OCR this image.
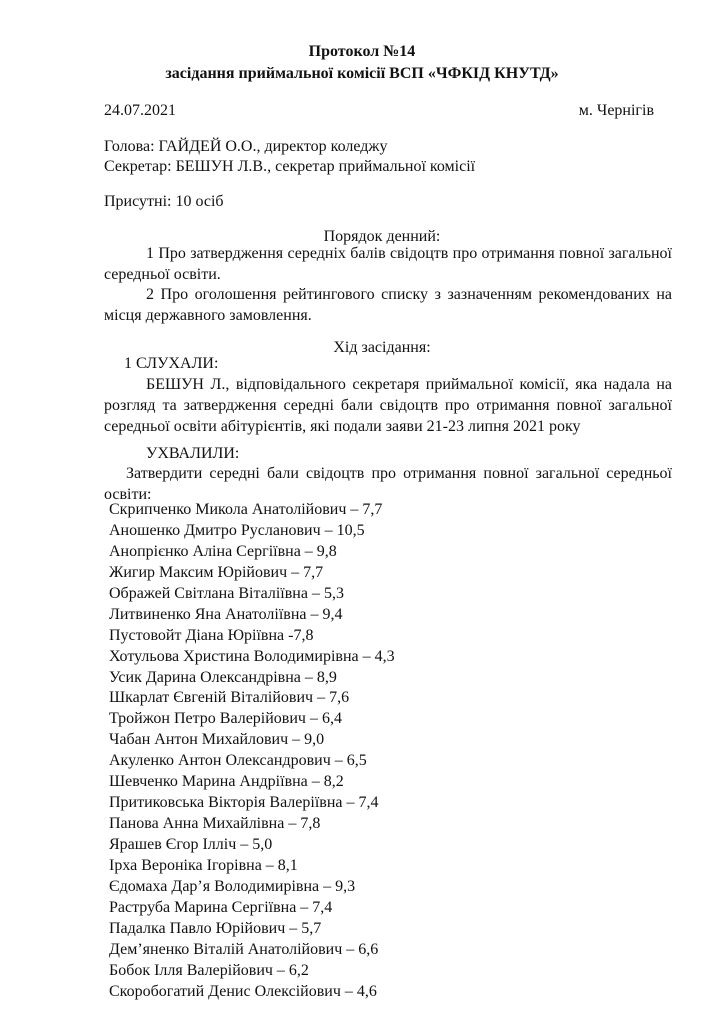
Протокол №14
засідання приймальної комісії ВСП «ЧФКІД КНУТД»
24.07.2021	м. Чернігів
Голова: ГАЙДЕЙ О.О., директор коледжу
Секретар: БЕШУН Л.В., секретар приймальної комісії
Присутні: 10 осіб
Порядок денний:
1 Про затвердження середніх балів свідоцтв про отримання повної загальної середньої освіти.
2 Про оголошення рейтингового списку з зазначенням рекомендованих на місця державного замовлення.
Хід засідання:
1 СЛУХАЛИ:
БЕШУН Л., відповідального секретаря приймальної комісії, яка надала на розгляд та затвердження середні бали свідоцтв про отримання повної загальної середньої освіти абітурієнтів, які подали заяви 21-23 липня 2021 року
УХВАЛИЛИ:
Затвердити середні бали свідоцтв про отримання повної загальної середньої освіти:
Скрипченко Микола Анатолійович – 7,7
Аношенко Дмитро Русланович – 10,5
Анопрієнко Аліна Сергіївна – 9,8
Жигир Максим Юрійович – 7,7
Ображей Світлана Віталіївна – 5,3
Литвиненко Яна Анатоліївна – 9,4
Пустовойт Діана Юріївна -7,8
Хотульова Христина Володимирівна – 4,3
Усик Дарина Олександрівна – 8,9
Шкарлат Євгеній Віталійович – 7,6
Тройжон Петро Валерійович – 6,4
Чабан Антон Михайлович – 9,0
Акуленко Антон Олександрович – 6,5
Шевченко Марина Андріївна – 8,2
Притиковська Вікторія Валеріївна – 7,4
Панова Анна Михайлівна – 7,8
Ярашев Єгор Ілліч – 5,0
Ірха Вероніка Ігорівна – 8,1
Єдомаха Дар’я Володимирівна – 9,3
Раструба Марина Сергіївна – 7,4
Падалка Павло Юрійович – 5,7
Дем’яненко Віталій Анатолійович – 6,6
Бобок Ілля Валерійович – 6,2
Скоробогатий Денис Олексійович – 4,6
